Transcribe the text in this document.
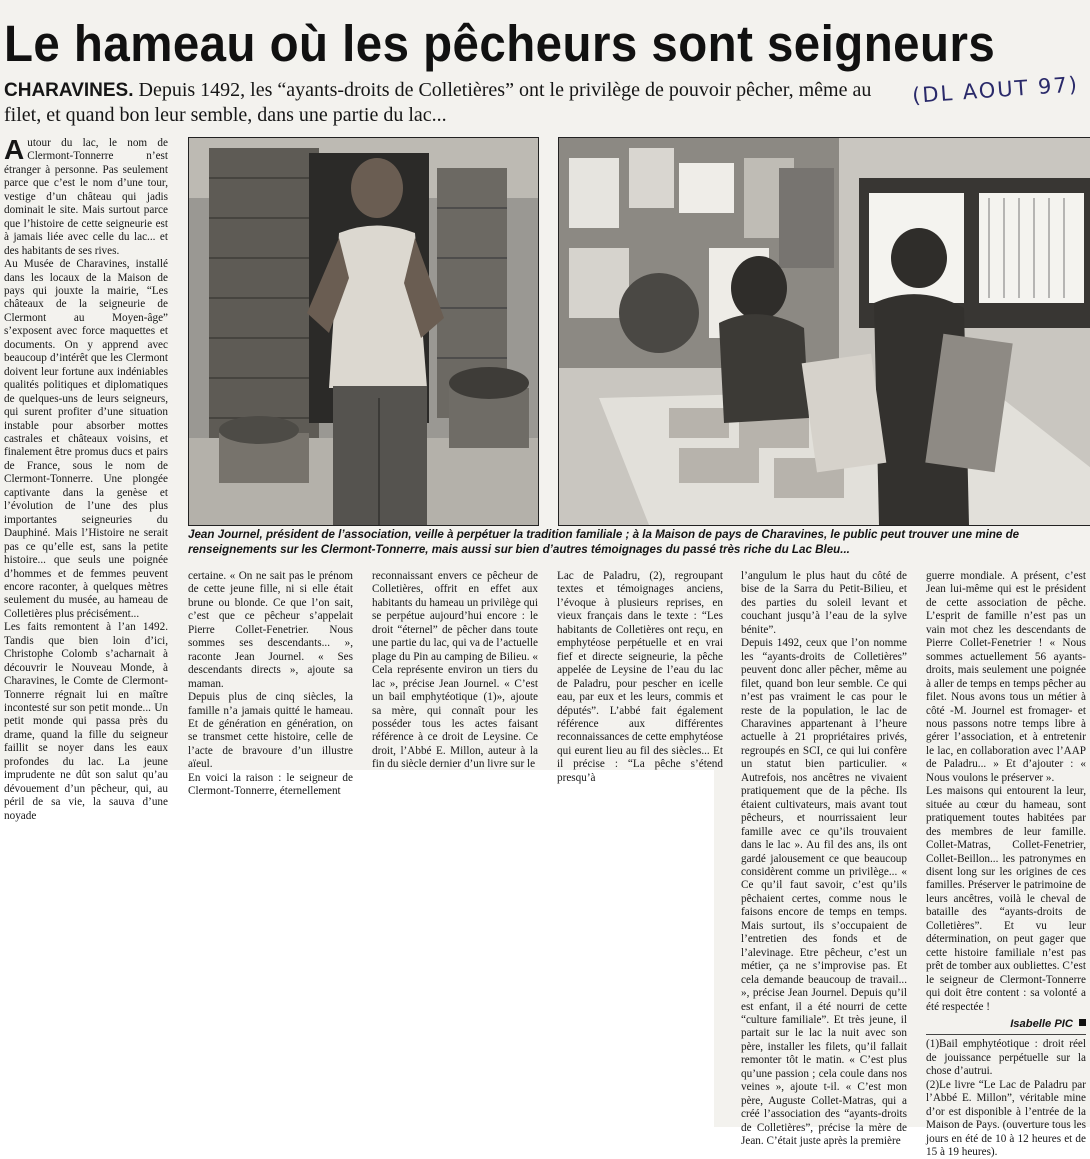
Le hameau où les pêcheurs sont seigneurs

CHARAVINES. Depuis 1492, les “ayants-droits de Colletières” ont le privilège de pouvoir pêcher, même au filet, et quand bon leur semble, dans une partie du lac...

(DL AOUT 97)

Jean Journel, président de l’association, veille à perpétuer la tradition familiale ; à la Maison de pays de Charavines, le public peut trouver une mine de renseignements sur les Clermont-Tonnerre, mais aussi sur bien d’autres témoignages du passé très riche du Lac Bleu...

Autour du lac, le nom de Clermont-Tonnerre n’est étranger à personne. Pas seulement parce que c’est le nom d’une tour, vestige d’un château qui jadis dominait le site. Mais surtout parce que l’histoire de cette seigneurie est à jamais liée avec celle du lac... et des habitants de ses rives.

Au Musée de Charavines, installé dans les locaux de la Maison de pays qui jouxte la mairie, “Les châteaux de la seigneurie de Clermont au Moyen-âge” s’exposent avec force maquettes et documents. On y apprend avec beaucoup d’intérêt que les Clermont doivent leur fortune aux indéniables qualités politiques et diplomatiques de quelques-uns de leurs seigneurs, qui surent profiter d’une situation instable pour absorber mottes castrales et châteaux voisins, et finalement être promus ducs et pairs de France, sous le nom de Clermont-Tonnerre. Une plongée captivante dans la genèse et l’évolution de l’une des plus importantes seigneuries du Dauphiné. Mais l’Histoire ne serait pas ce qu’elle est, sans la petite histoire... que seuls une poignée d’hommes et de femmes peuvent encore raconter, à quelques mètres seulement du musée, au hameau de Colletières plus précisément...

Les faits remontent à l’an 1492. Tandis que bien loin d’ici, Christophe Colomb s’acharnait à découvrir le Nouveau Monde, à Charavines, le Comte de Clermont-Tonnerre régnait lui en maître incontesté sur son petit monde... Un petit monde qui passa près du drame, quand la fille du seigneur faillit se noyer dans les eaux profondes du lac. La jeune imprudente ne dût son salut qu’au dévouement d’un pêcheur, qui, au péril de sa vie, la sauva d’une noyade

certaine. « On ne sait pas le prénom de cette jeune fille, ni si elle était brune ou blonde. Ce que l’on sait, c’est que ce pêcheur s’appelait Pierre Collet-Fenetrier. Nous sommes ses descendants... », raconte Jean Journel. « Ses descendants directs », ajoute sa maman.

Depuis plus de cinq siècles, la famille n’a jamais quitté le hameau. Et de génération en génération, on se transmet cette histoire, celle de l’acte de bravoure d’un illustre aïeul.

En voici la raison : le seigneur de Clermont-Tonnerre, éternellement

reconnaissant envers ce pêcheur de Colletières, offrit en effet aux habitants du hameau un privilège qui se perpétue aujourd’hui encore : le droit “éternel” de pêcher dans toute une partie du lac, qui va de l’actuelle plage du Pin au camping de Bilieu. « Cela représente environ un tiers du lac », précise Jean Journel. « C’est un bail emphytéotique (1)», ajoute sa mère, qui connaît pour les posséder tous les actes faisant référence à ce droit de Leysine. Ce droit, l’Abbé E. Millon, auteur à la fin du siècle dernier d’un livre sur le

Lac de Paladru, (2), regroupant textes et témoignages anciens, l’évoque à plusieurs reprises, en vieux français dans le texte : “Les habitants de Colletières ont reçu, en emphytéose perpétuelle et en vrai fief et directe seigneurie, la pêche appelée de Leysine de l’eau du lac de Paladru, pour pescher en icelle eau, par eux et les leurs, commis et députés”. L’abbé fait également référence aux différentes reconnaissances de cette emphytéose qui eurent lieu au fil des siècles... Et il précise : “La pêche s’étend presqu’à

l’angulum le plus haut du côté de bise de la Sarra du Petit-Bilieu, et des parties du soleil levant et couchant jusqu’à l’eau de la sylve bénite”.

Depuis 1492, ceux que l’on nomme les “ayants-droits de Colletières” peuvent donc aller pêcher, même au filet, quand bon leur semble. Ce qui n’est pas vraiment le cas pour le reste de la population, le lac de Charavines appartenant à l’heure actuelle à 21 propriétaires privés, regroupés en SCI, ce qui lui confère un statut bien particulier. « Autrefois, nos ancêtres ne vivaient pratiquement que de la pêche. Ils étaient cultivateurs, mais avant tout pêcheurs, et nourrissaient leur famille avec ce qu’ils trouvaient dans le lac ». Au fil des ans, ils ont gardé jalousement ce que beaucoup considèrent comme un privilège... « Ce qu’il faut savoir, c’est qu’ils pêchaient certes, comme nous le faisons encore de temps en temps. Mais surtout, ils s’occupaient de l’entretien des fonds et de l’alevinage. Etre pêcheur, c’est un métier, ça ne s’improvise pas. Et cela demande beaucoup de travail... », précise Jean Journel. Depuis qu’il est enfant, il a été nourri de cette “culture familiale”. Et très jeune, il partait sur le lac la nuit avec son père, installer les filets, qu’il fallait remonter tôt le matin. « C’est plus qu’une passion ; cela coule dans nos veines », ajoute t-il. « C’est mon père, Auguste Collet-Matras, qui a créé l’association des “ayants-droits de Colletières”, précise la mère de Jean. C’était juste après la première

guerre mondiale. A présent, c’est Jean lui-même qui est le président de cette association de pêche. L’esprit de famille n’est pas un vain mot chez les descendants de Pierre Collet-Fenetrier ! « Nous sommes actuellement 56 ayants-droits, mais seulement une poignée à aller de temps en temps pêcher au filet. Nous avons tous un métier à côté -M. Journel est fromager- et nous passons notre temps libre à gérer l’association, et à entretenir le lac, en collaboration avec l’AAP de Paladru... » Et d’ajouter : « Nous voulons le préserver ».

Les maisons qui entourent la leur, située au cœur du hameau, sont pratiquement toutes habitées par des membres de leur famille. Collet-Matras, Collet-Fenetrier, Collet-Beillon... les patronymes en disent long sur les origines de ces familles. Préserver le patrimoine de leurs ancêtres, voilà le cheval de bataille des “ayants-droits de Colletières”. Et vu leur détermination, on peut gager que cette histoire familiale n’est pas prêt de tomber aux oubliettes. C’est le seigneur de Clermont-Tonnerre qui doit être content : sa volonté a été respectée !

Isabelle PIC

(1)Bail emphytéotique : droit réel de jouissance perpétuelle sur la chose d’autrui.

(2)Le livre “Le Lac de Paladru par l’Abbé E. Millon”, véritable mine d’or est disponible à l’entrée de la Maison de Pays. (ouverture tous les jours en été de 10 à 12 heures et de 15 à 19 heures).
